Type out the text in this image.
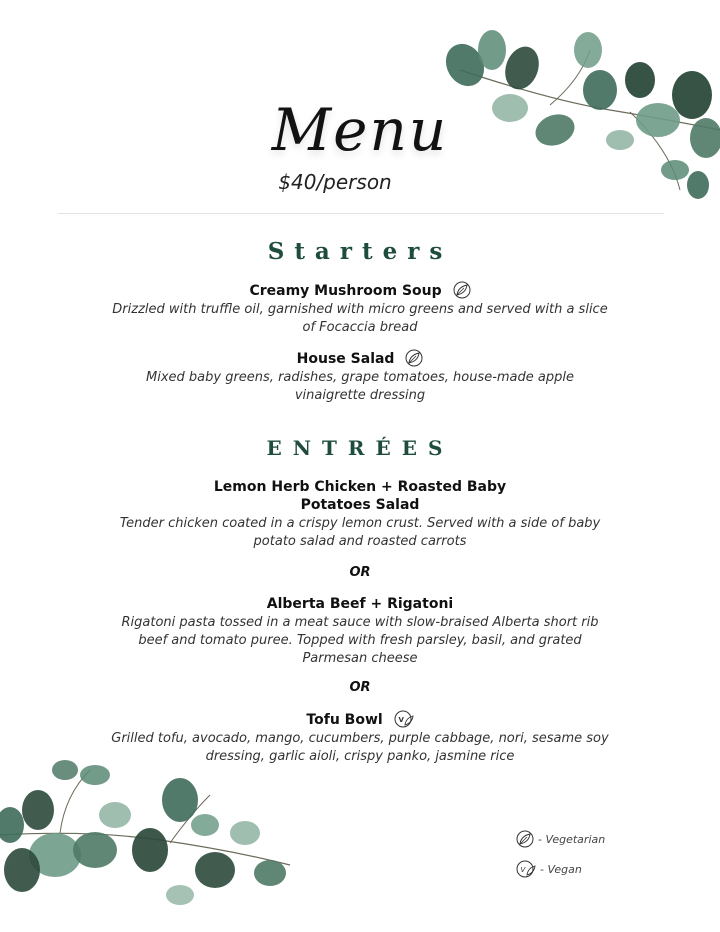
Menu
$40/person
Starters
Creamy Mushroom Soup
Drizzled with truffle oil, garnished with micro greens and served with a slice of Focaccia bread
House Salad
Mixed baby greens, radishes, grape tomatoes, house-made apple vinaigrette dressing
ENTRÉES
Lemon Herb Chicken + Roasted Baby Potatoes Salad
Tender chicken coated in a crispy lemon crust. Served with a side of baby potato salad and roasted carrots
OR
Alberta Beef + Rigatoni
Rigatoni pasta tossed in a meat sauce with slow-braised Alberta short rib beef and tomato puree. Topped with fresh parsley, basil, and grated Parmesan cheese
OR
Tofu Bowl V
Grilled tofu, avocado, mango, cucumbers, purple cabbage, nori, sesame soy dressing, garlic aioli, crispy panko, jasmine rice
- Vegetarian
V - Vegan
